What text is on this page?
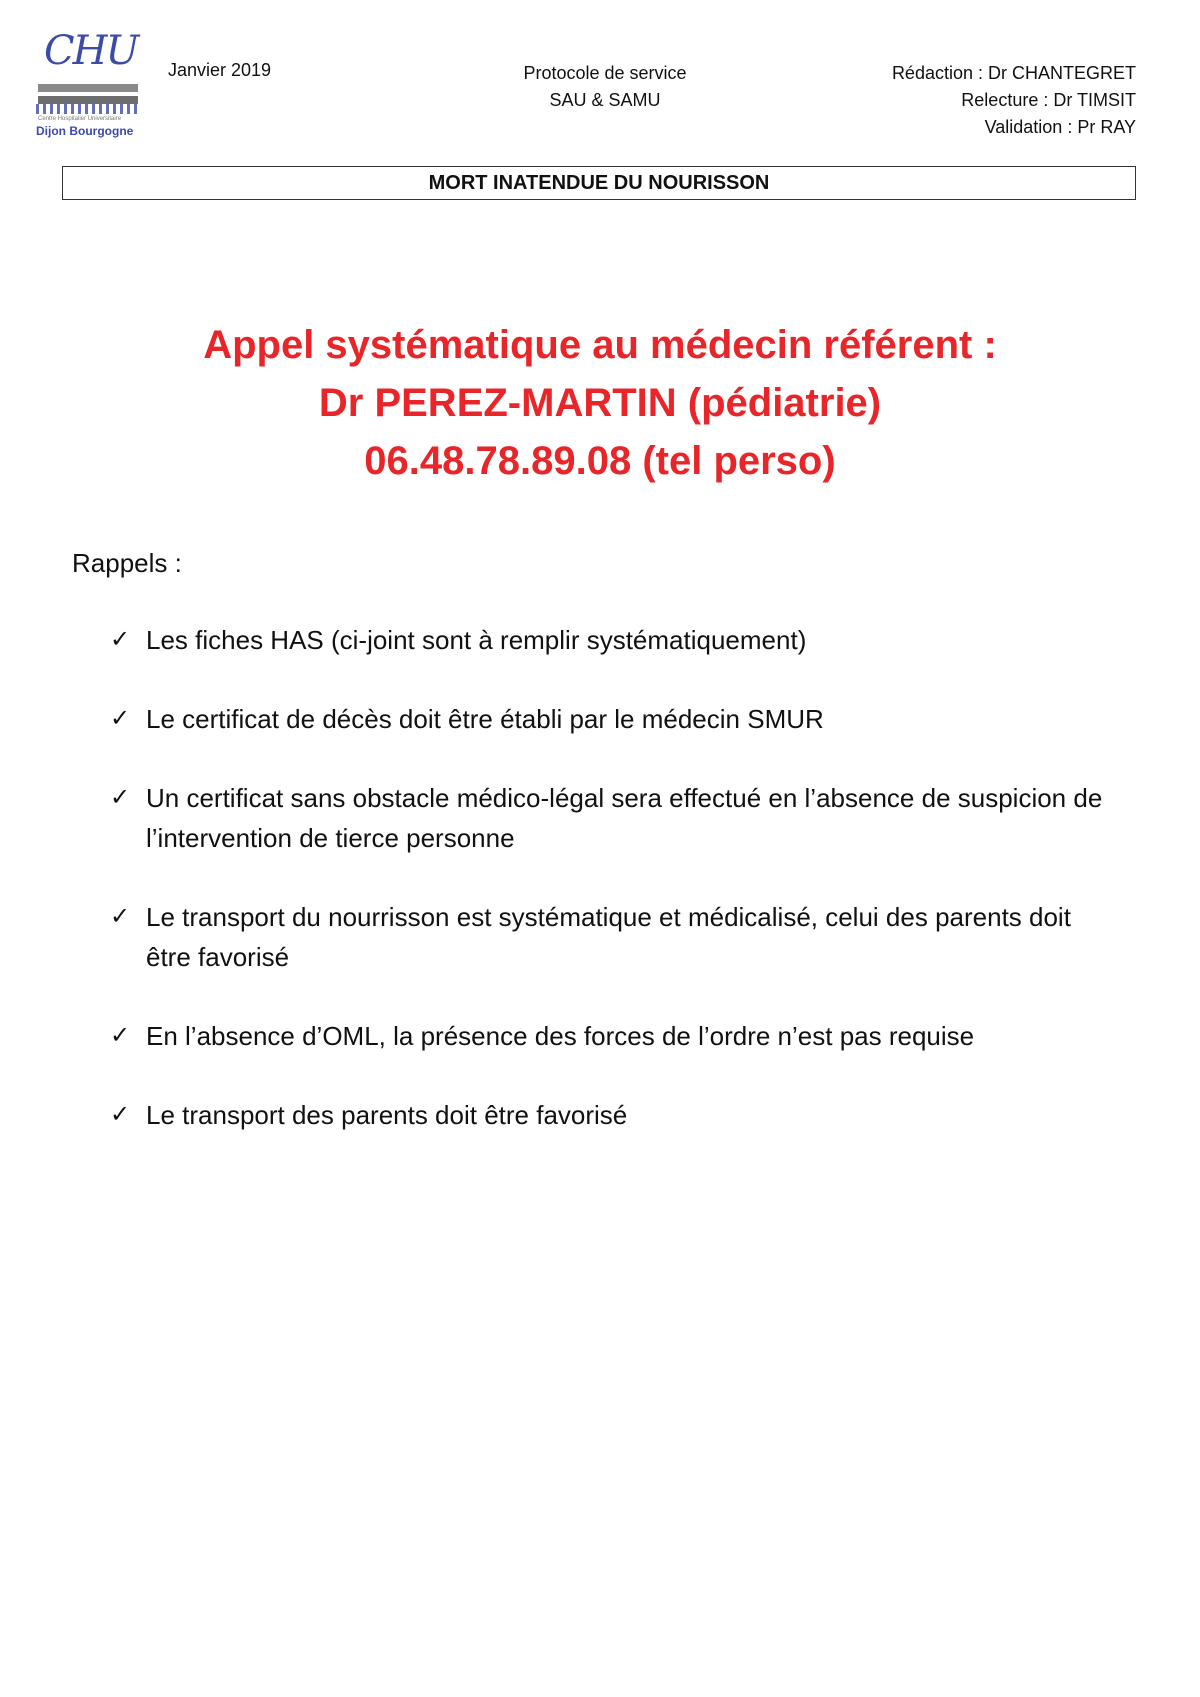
CHU
Centre Hospitalier Universitaire
Dijon Bourgogne
Janvier 2019	Protocole de service
SAU & SAMU
Rédaction : Dr CHANTEGRET
Relecture : Dr TIMSIT
Validation : Pr RAY
MORT INATENDUE DU NOURISSON
Appel systématique au médecin référent :
Dr PEREZ-MARTIN (pédiatrie)
06.48.78.89.08 (tel perso)
Rappels :
✓ Les fiches HAS (ci-joint sont à remplir systématiquement)
✓ Le certificat de décès doit être établi par le médecin SMUR
✓ Un certificat sans obstacle médico-légal sera effectué en l’absence de suspicion de l’intervention de tierce personne
✓ Le transport du nourrisson est systématique et médicalisé, celui des parents doit être favorisé
✓ En l’absence d’OML, la présence des forces de l’ordre n’est pas requise
✓ Le transport des parents doit être favorisé
